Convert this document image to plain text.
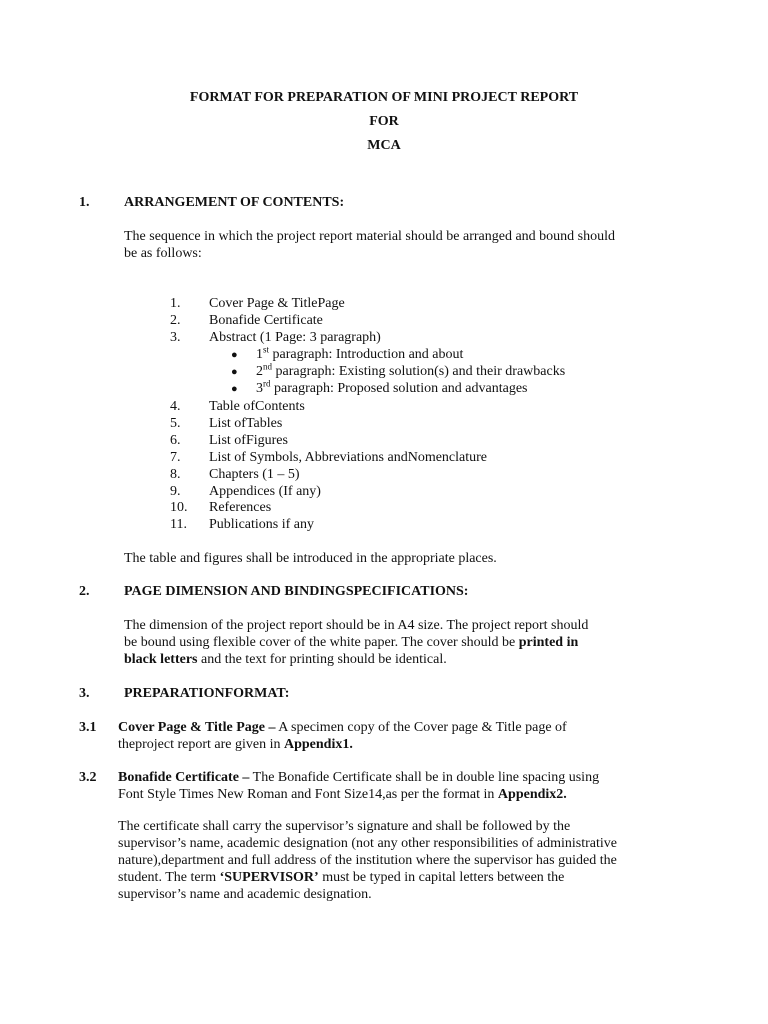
FORMAT FOR PREPARATION OF MINI PROJECT REPORT
FOR
MCA
1. ARRANGEMENT OF CONTENTS:
The sequence in which the project report material should be arranged and bound should
be as follows:
1. Cover Page & TitlePage
2. Bonafide Certificate
3. Abstract (1 Page: 3 paragraph)
● 1st paragraph: Introduction and about
● 2nd paragraph: Existing solution(s) and their drawbacks
● 3rd paragraph: Proposed solution and advantages
4. Table ofContents
5. List ofTables
6. List ofFigures
7. List of Symbols, Abbreviations andNomenclature
8. Chapters (1 – 5)
9. Appendices (If any)
10. References
11. Publications if any
The table and figures shall be introduced in the appropriate places.
2. PAGE DIMENSION AND BINDINGSPECIFICATIONS:
The dimension of the project report should be in A4 size. The project report should
be bound using flexible cover of the white paper. The cover should be printed in
black letters and the text for printing should be identical.
3. PREPARATIONFORMAT:
3.1 Cover Page & Title Page – A specimen copy of the Cover page & Title page of
theproject report are given in Appendix1.
3.2 Bonafide Certificate – The Bonafide Certificate shall be in double line spacing using
Font Style Times New Roman and Font Size14,as per the format in Appendix2.
The certificate shall carry the supervisor’s signature and shall be followed by the
supervisor’s name, academic designation (not any other responsibilities of administrative
nature),department and full address of the institution where the supervisor has guided the
student. The term ‘SUPERVISOR’ must be typed in capital letters between the
supervisor’s name and academic designation.
